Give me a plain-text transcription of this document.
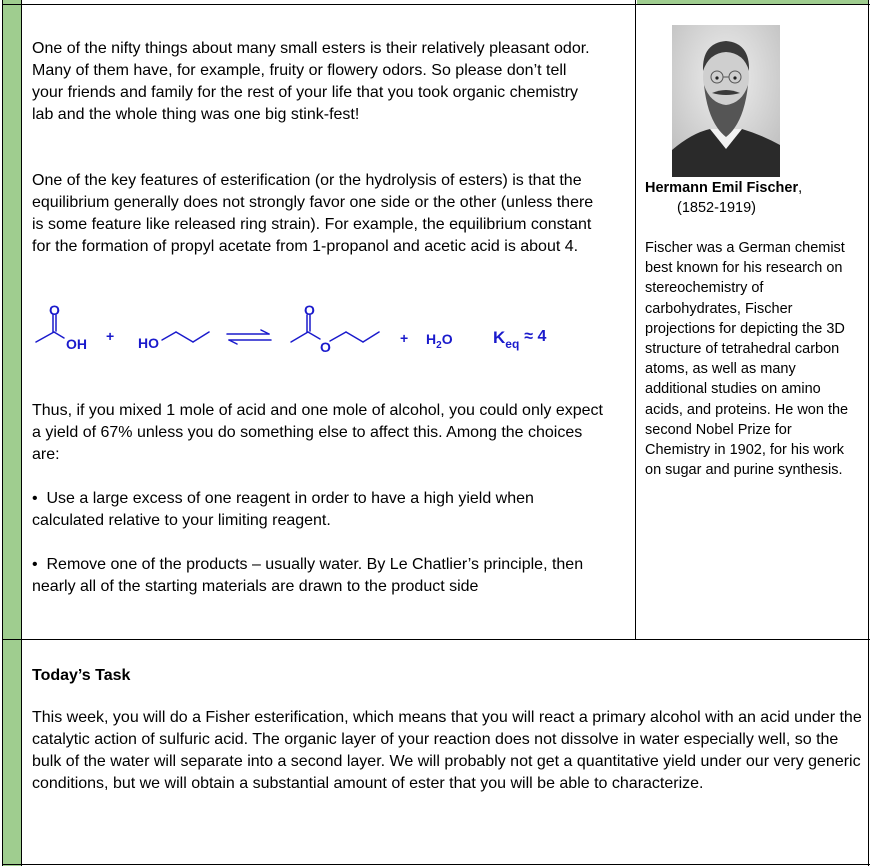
One of the nifty things about many small esters is their relatively pleasant odor. Many of them have, for example, fruity or flowery odors. So please don’t tell your friends and family for the rest of your life that you took organic chemistry lab and the whole thing was one big stink-fest!

One of the key features of esterification (or the hydrolysis of esters) is that the equilibrium generally does not strongly favor one side or the other (unless there is some feature like released ring strain). For example, the equilibrium constant for the formation of propyl acetate from 1-propanol and acetic acid is about 4.

O
OH + HO
O
O
+ $H_2O$ $K_{eq} \approx 4$

Thus, if you mixed 1 mole of acid and one mole of alcohol, you could only expect a yield of 67% unless you do something else to affect this. Among the choices are:

•  Use a large excess of one reagent in order to have a high yield when calculated relative to your limiting reagent.
•  Remove one of the products – usually water. By Le Chatlier’s principle, then nearly all of the starting materials are drawn to the product side
Hermann Emil Fischer,
(1852-1919)

Fischer was a German chemist best known for his research on stereochemistry of carbohydrates, Fischer projections for depicting the 3D structure of tetrahedral carbon atoms, as well as many additional studies on amino acids, and proteins. He won the second Nobel Prize for Chemistry in 1902, for his work on sugar and purine synthesis.

Today’s Task

This week, you will do a Fisher esterification, which means that you will react a primary alcohol with an acid under the catalytic action of sulfuric acid. The organic layer of your reaction does not dissolve in water especially well, so the bulk of the water will separate into a second layer. We will probably not get a quantitative yield under our very generic conditions, but we will obtain a substantial amount of ester that you will be able to characterize.
